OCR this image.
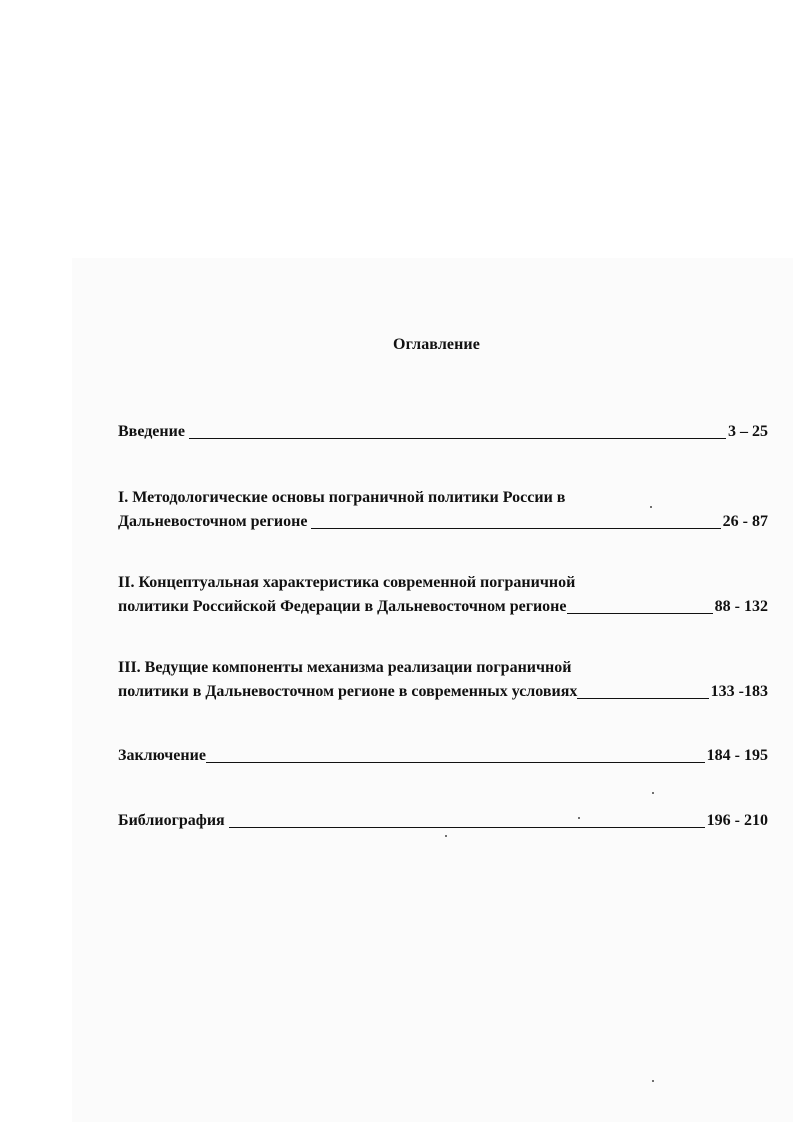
Оглавление
Введение	3 – 25
I. Методологические основы пограничной политики России в
Дальневосточном регионе	26 - 87
II. Концептуальная характеристика современной пограничной
политики Российской Федерации в Дальневосточном регионе	88 - 132
III. Ведущие компоненты механизма реализации пограничной
политики в Дальневосточном регионе в современных условиях	133 -183
Заключение	184 - 195
Библиография	196 - 210
